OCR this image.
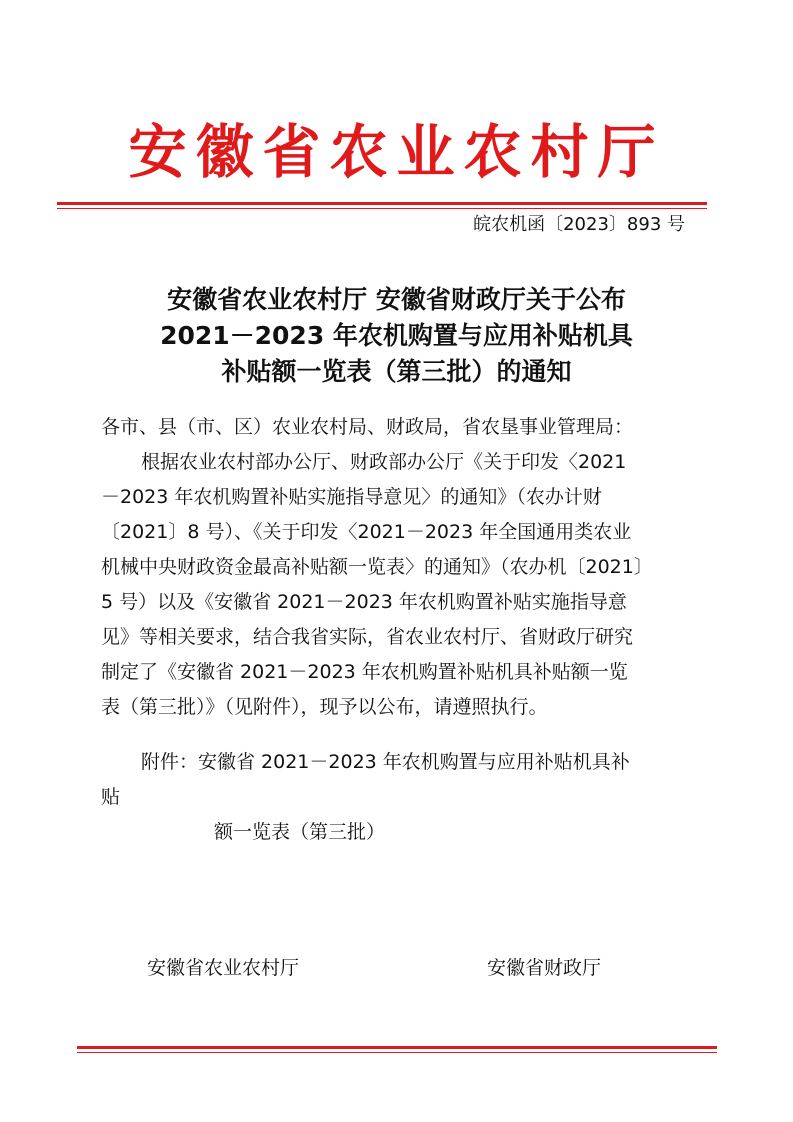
安徽省农业农村厅
皖农机函〔2023〕893 号
安徽省农业农村厅 安徽省财政厅关于公布
2021－2023 年农机购置与应用补贴机具
补贴额一览表（第三批）的通知
各市、县（市、区）农业农村局、财政局，省农垦事业管理局：
根据农业农村部办公厅、财政部办公厅《关于印发〈2021
－2023 年农机购置补贴实施指导意见〉的通知》（农办计财
〔2021〕8 号）、《关于印发〈2021－2023 年全国通用类农业
机械中央财政资金最高补贴额一览表〉的通知》（农办机〔2021〕
5 号）以及《安徽省 2021－2023 年农机购置补贴实施指导意
见》等相关要求，结合我省实际，省农业农村厅、省财政厅研究
制定了《安徽省 2021－2023 年农机购置补贴机具补贴额一览
表（第三批）》（见附件），现予以公布，请遵照执行。
附件：安徽省 2021－2023 年农机购置与应用补贴机具补
贴
额一览表（第三批）
安徽省农业农村厅	安徽省财政厅
